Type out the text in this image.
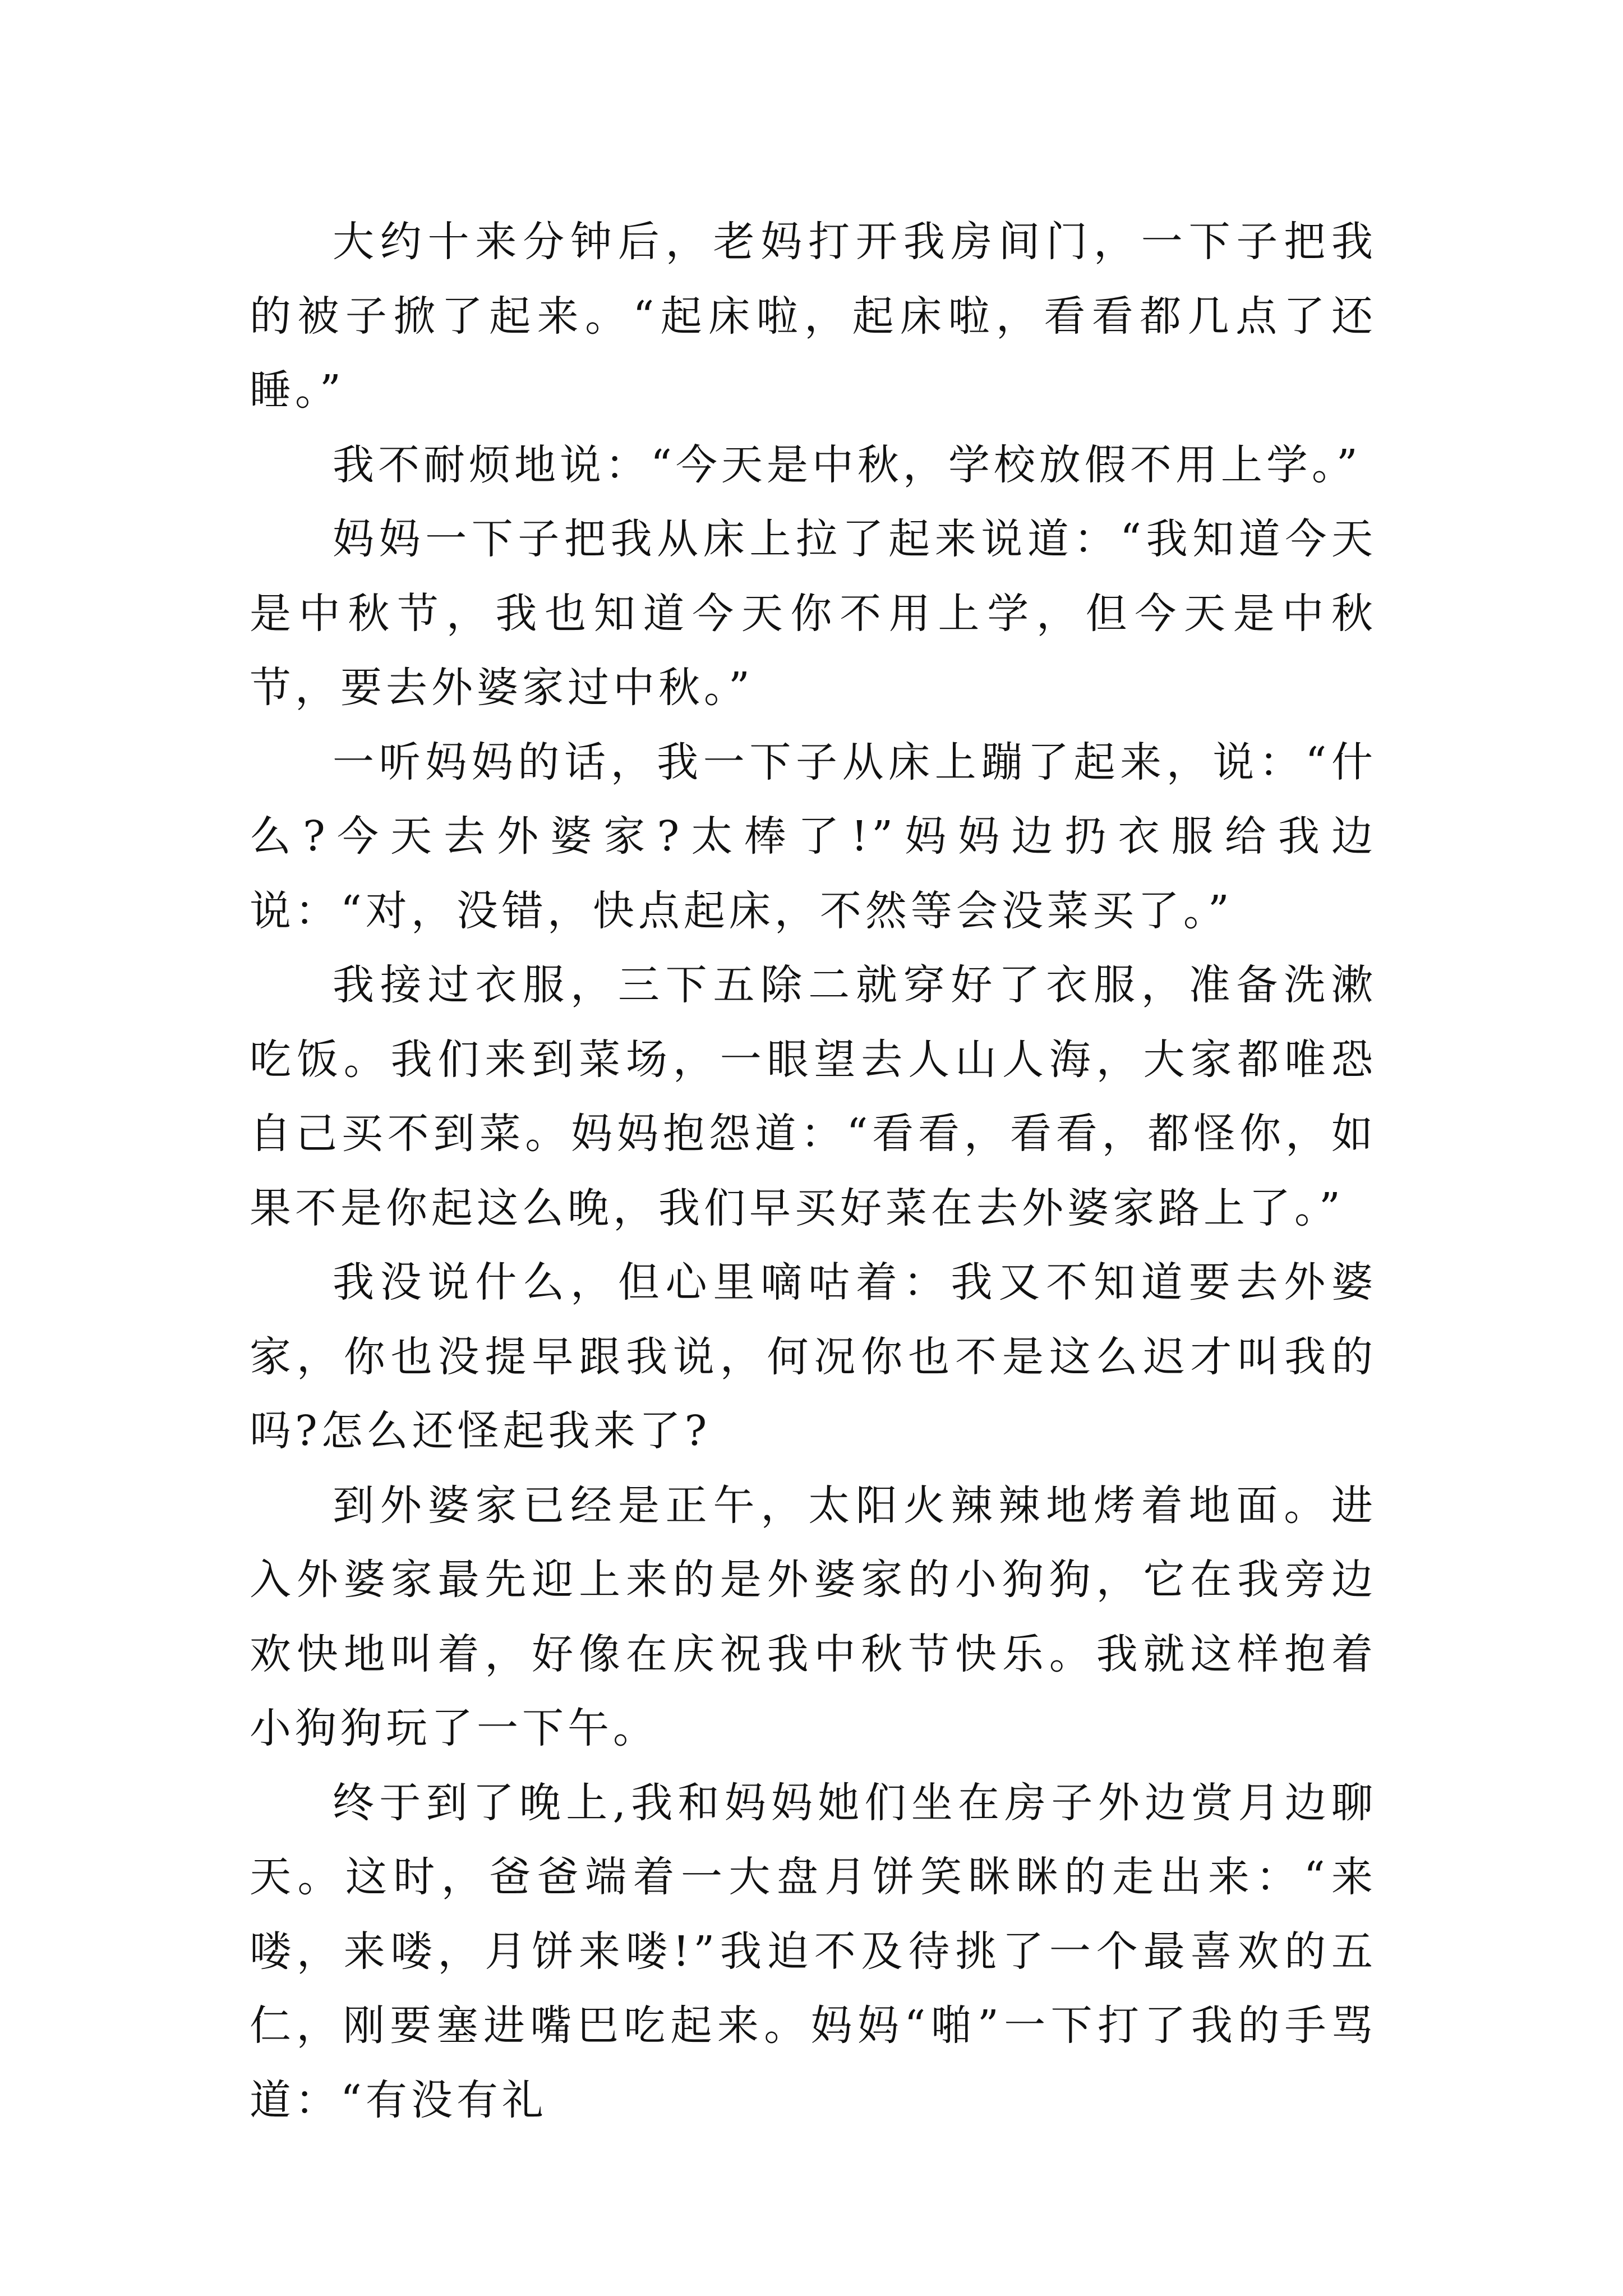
大约十来分钟后，老妈打开我房间门，一下子把我的被子掀了起来。“起床啦，起床啦，看看都几点了还睡。”

我不耐烦地说：“今天是中秋，学校放假不用上学。”

妈妈一下子把我从床上拉了起来说道：“我知道今天是中秋节，我也知道今天你不用上学，但今天是中秋节，要去外婆家过中秋。”

一听妈妈的话，我一下子从床上蹦了起来，说：“什么?今天去外婆家?太棒了!”妈妈边扔衣服给我边说：“对，没错，快点起床，不然等会没菜买了。”

我接过衣服，三下五除二就穿好了衣服，准备洗漱吃饭。我们来到菜场，一眼望去人山人海，大家都唯恐自己买不到菜。妈妈抱怨道：“看看，看看，都怪你，如果不是你起这么晚，我们早买好菜在去外婆家路上了。”

我没说什么，但心里嘀咕着：我又不知道要去外婆家，你也没提早跟我说，何况你也不是这么迟才叫我的吗?怎么还怪起我来了?

到外婆家已经是正午，太阳火辣辣地烤着地面。进入外婆家最先迎上来的是外婆家的小狗狗，它在我旁边欢快地叫着，好像在庆祝我中秋节快乐。我就这样抱着小狗狗玩了一下午。

终于到了晚上,我和妈妈她们坐在房子外边赏月边聊天。这时，爸爸端着一大盘月饼笑眯眯的走出来：“来喽，来喽，月饼来喽!”我迫不及待挑了一个最喜欢的五仁，刚要塞进嘴巴吃起来。妈妈“啪”一下打了我的手骂道：“有没有礼
